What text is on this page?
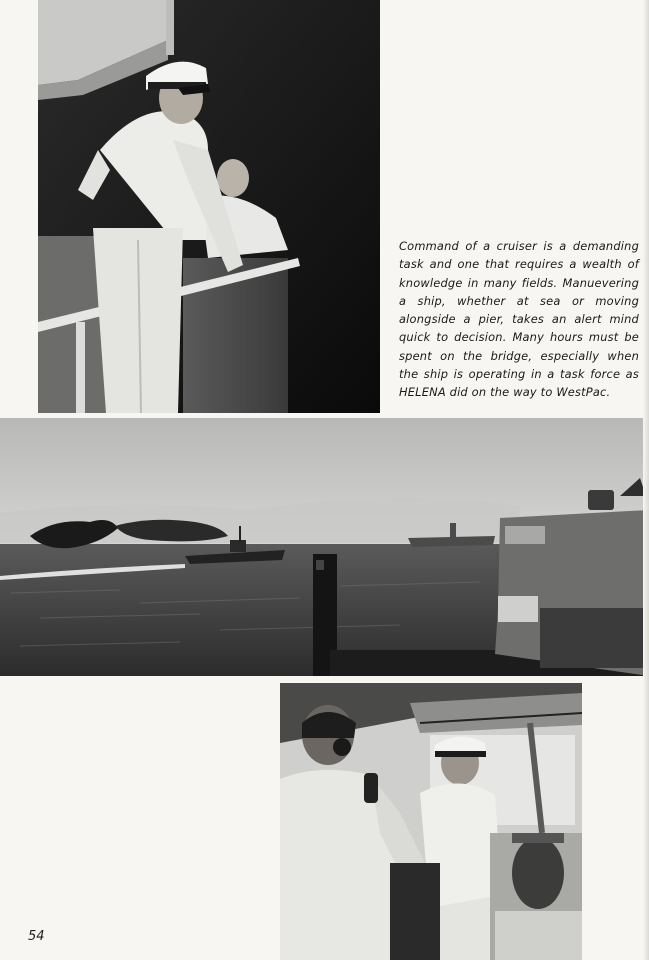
Command of a cruiser is a demanding task and one that requires a wealth of knowledge in many fields. Manuevering a ship, whether at sea or moving alongside a pier, takes an alert mind quick to decision. Many hours must be spent on the bridge, especially when the ship is operating in a task force as HELENA did on the way to WestPac.

54
